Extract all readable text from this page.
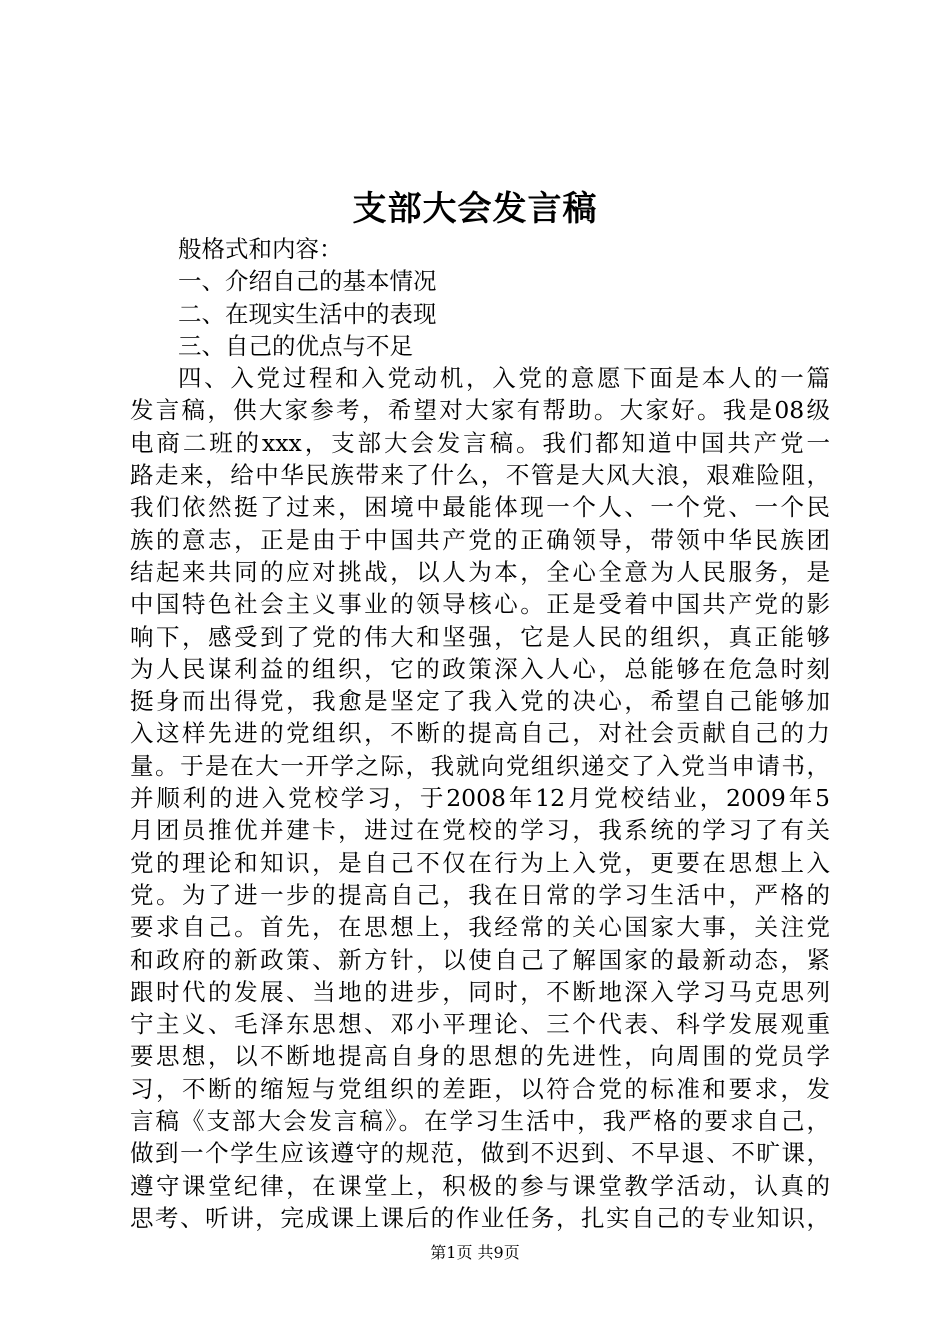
支部大会发言稿
般格式和内容：
一、介绍自己的基本情况
二、在现实生活中的表现
三、自己的优点与不足
四、入党过程和入党动机，入党的意愿下面是本人的一篇
发言稿，供大家参考，希望对大家有帮助。大家好。我是08级
电商二班的xxx，支部大会发言稿。我们都知道中国共产党一
路走来，给中华民族带来了什么，不管是大风大浪，艰难险阻，
我们依然挺了过来，困境中最能体现一个人、一个党、一个民
族的意志，正是由于中国共产党的正确领导，带领中华民族团
结起来共同的应对挑战，以人为本，全心全意为人民服务，是
中国特色社会主义事业的领导核心。正是受着中国共产党的影
响下，感受到了党的伟大和坚强，它是人民的组织，真正能够
为人民谋利益的组织，它的政策深入人心，总能够在危急时刻
挺身而出得党，我愈是坚定了我入党的决心，希望自己能够加
入这样先进的党组织，不断的提高自己，对社会贡献自己的力
量。于是在大一开学之际，我就向党组织递交了入党当申请书，
并顺利的进入党校学习，于2008年12月党校结业，2009年5
月团员推优并建卡，进过在党校的学习，我系统的学习了有关
党的理论和知识，是自己不仅在行为上入党，更要在思想上入
党。为了进一步的提高自己，我在日常的学习生活中，严格的
要求自己。首先，在思想上，我经常的关心国家大事，关注党
和政府的新政策、新方针，以使自己了解国家的最新动态，紧
跟时代的发展、当地的进步，同时，不断地深入学习马克思列
宁主义、毛泽东思想、邓小平理论、三个代表、科学发展观重
要思想，以不断地提高自身的思想的先进性，向周围的党员学
习，不断的缩短与党组织的差距，以符合党的标准和要求，发
言稿《支部大会发言稿》。在学习生活中，我严格的要求自己，
做到一个学生应该遵守的规范，做到不迟到、不早退、不旷课，
遵守课堂纪律，在课堂上，积极的参与课堂教学活动，认真的
思考、听讲，完成课上课后的作业任务，扎实自己的专业知识，
第1页 共9页
